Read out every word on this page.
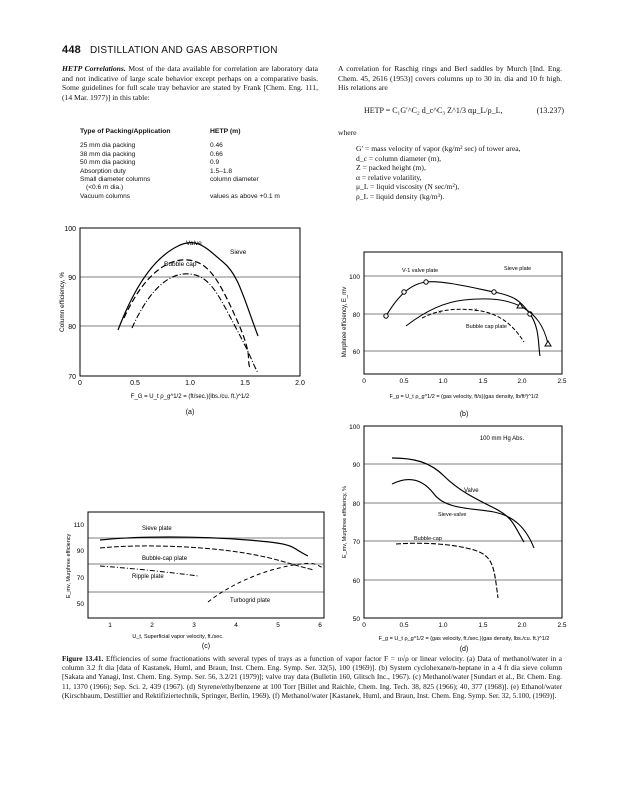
448 DISTILLATION AND GAS ABSORPTION
HETP Correlations. Most of the data available for correlation are laboratory data and not indicative of large scale behavior except perhaps on a comparative basis. Some guidelines for full scale tray behavior are stated by Frank [Chem. Eng. 111, (14 Mar. 1977)] in this table:
Type of Packing/Application	HETP (m)
25 mm dia packing	0.46
38 mm dia packing	0.66
50 mm dia packing	0.9
Absorption duty	1.5–1.8
Small diameter columns	column diameter
(<0.6 m dia.)
Vacuum columns	values as above +0.1 m
A correlation for Raschig rings and Berl saddles by Murch [Ind. Eng. Chem. 45, 2616 (1953)] covers columns up to 30 in. dia and 10 ft high. His relations are
HETP = C₁G′^C₂ d_c^C₃ Z^1/3 αμ_L/ρ_L,	(13.237)
where
G′ = mass velocity of vapor (kg/m² sec) of tower area,
d_c = column diameter (m),
Z = packed height (m),
α = relative volatility,
μ_L = liquid viscosity (N sec/m²),
ρ_L = liquid density (kg/m³).
70
80
90
100
0	0.5	1.0	1.5	2.0
Column efficiency, %
F_G = U_t ρ_g^1/2 = (ft/sec.)(lbs./cu. ft.)^1/2
Valve
Sieve
Bubble cap
(a)
60
80
100
0	0.5	1.0	1.5	2.0	2.5
Murphree efficiency, E_mv
F_g = U_t ρ_g^1/2 = (gas velocity, ft/s)(gas density, lb/ft³)^1/2
×	×
V-1 valve plate	Sieve plate
Bubble cap plate
(b)
50
70
90
110
1	2	3	4	5	6
E_mv, Murphree efficiency
U_t, Superficial vapor velocity, ft./sec.
Sieve plate
Bubble-cap plate
Ripple plate
Turbogrid plate
(c)
50
60
70
80
90
100
0	0.5	1.0	1.5	2.0	2.5
E_mv, Murphree efficiency, %
F_g = U_t ρ_g^1/2 = (gas velocity, ft./sec.)(gas density, lbs./cu. ft.)^1/2
100 mm Hg Abs.
Valve
Sieve-valve
Bubble-cap
(d)
Figure 13.41. Efficiencies of some fractionations with several types of trays as a function of vapor factor F = u√ρ or linear velocity. (a) Data of methanol/water in a column 3.2 ft dia [data of Kastanek, Huml, and Braun, Inst. Chem. Eng. Symp. Ser. 32(5), 100 (1969)]. (b) System cyclohexane/n-heptane in a 4 ft dia sieve column [Sakata and Yanagi, Inst. Chem. Eng. Symp. Ser. 56, 3.2/21 (1979)]; valve tray data (Bulletin 160, Glitsch Inc., 1967). (c) Methanol/water [Sundart et al., Br. Chem. Eng. 11, 1370 (1966); Sep. Sci. 2, 439 (1967). (d) Styrene/ethylbenzene at 100 Torr [Billet and Raichle, Chem. Ing. Tech. 38, 825 (1966); 40, 377 (1968)]. (e) Ethanol/water (Kirschbaum, Destillier and Rektifiziertechnik, Springer, Berlin, 1969). (f) Methanol/water [Kastanek, Huml, and Braun, Inst. Chem. Eng. Symp. Ser. 32, 5.100, (1969)].
